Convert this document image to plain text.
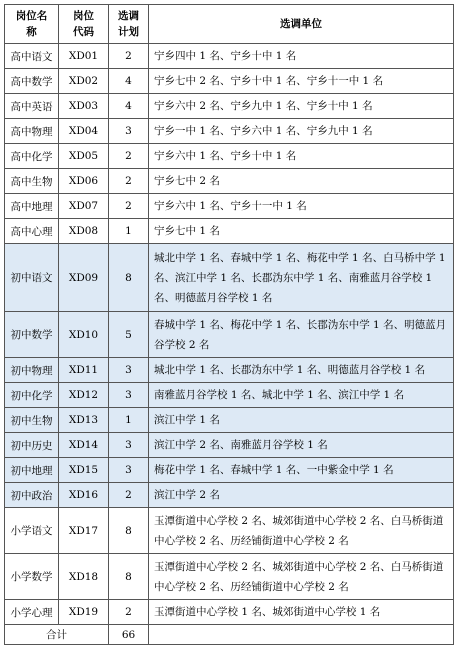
岗位名称	岗位代码	选调计划	选调单位
高中语文	XD01	2	宁乡四中 1 名、宁乡十中 1 名
高中数学	XD02	4	宁乡七中 2 名、宁乡十中 1 名、宁乡十一中 1 名
高中英语	XD03	4	宁乡六中 2 名、宁乡九中 1 名、宁乡十中 1 名
高中物理	XD04	3	宁乡一中 1 名、宁乡六中 1 名、宁乡九中 1 名
高中化学	XD05	2	宁乡六中 1 名、宁乡十中 1 名
高中生物	XD06	2	宁乡七中 2 名
高中地理	XD07	2	宁乡六中 1 名、宁乡十一中 1 名
高中心理	XD08	1	宁乡七中 1 名
初中语文	XD09	8	城北中学 1 名、春城中学 1 名、梅花中学 1 名、白马桥中学 1 名、滨江中学 1 名、长郡沩东中学 1 名、南雅蓝月谷学校 1 名、明德蓝月谷学校 1 名
初中数学	XD10	5	春城中学 1 名、梅花中学 1 名、长郡沩东中学 1 名、明德蓝月谷学校 2 名
初中物理	XD11	3	城北中学 1 名、长郡沩东中学 1 名、明德蓝月谷学校 1 名
初中化学	XD12	3	南雅蓝月谷学校 1 名、城北中学 1 名、滨江中学 1 名
初中生物	XD13	1	滨江中学 1 名
初中历史	XD14	3	滨江中学 2 名、南雅蓝月谷学校 1 名
初中地理	XD15	3	梅花中学 1 名、春城中学 1 名、一中紫金中学 1 名
初中政治	XD16	2	滨江中学 2 名
小学语文	XD17	8	玉潭街道中心学校 2 名、城郊街道中心学校 2 名、白马桥街道中心学校 2 名、历经铺街道中心学校 2 名
小学数学	XD18	8	玉潭街道中心学校 2 名、城郊街道中心学校 2 名、白马桥街道中心学校 2 名、历经铺街道中心学校 2 名
小学心理	XD19	2	玉潭街道中心学校 1 名、城郊街道中心学校 1 名
合计		66	
